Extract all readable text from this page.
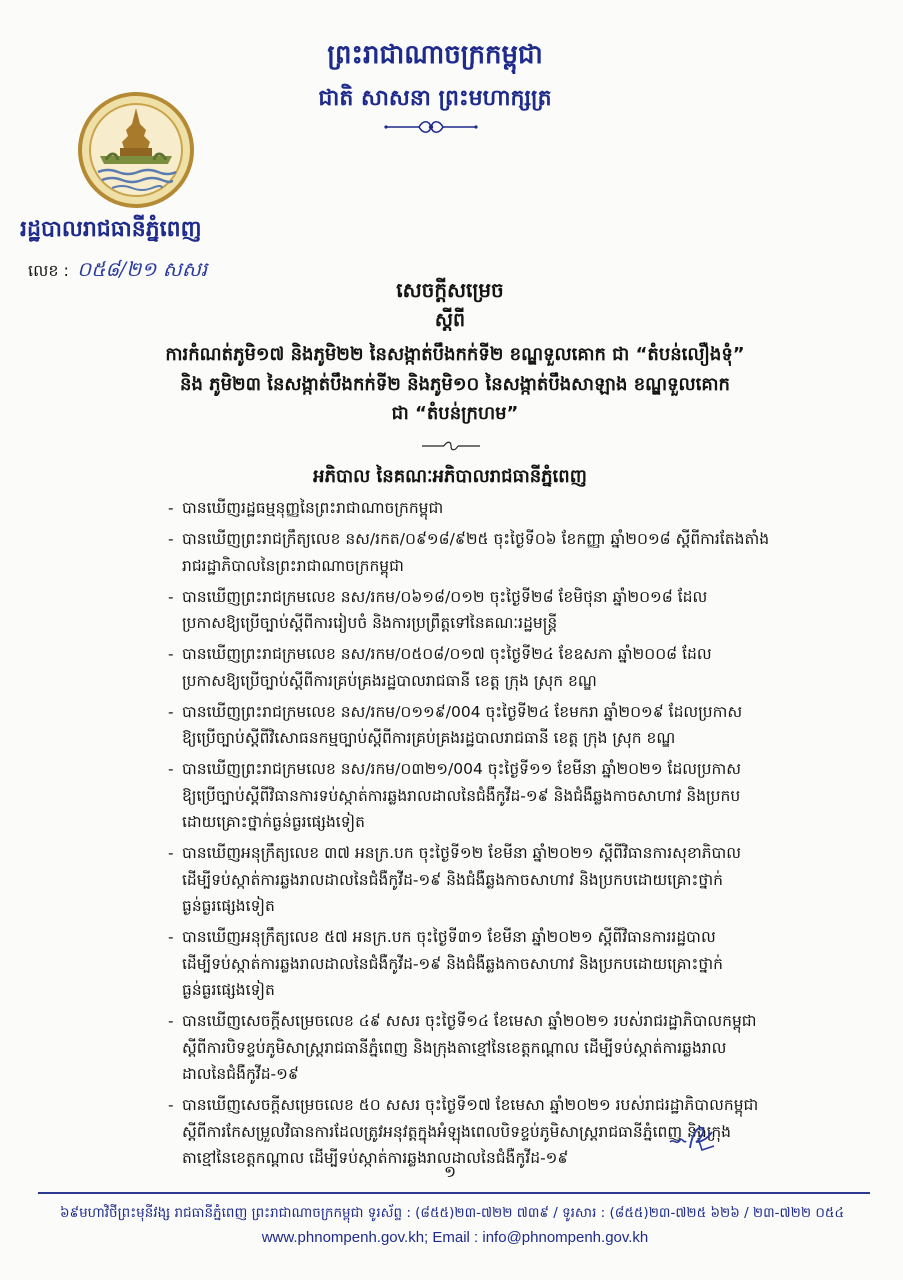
ព្រះរាជាណាចក្រកម្ពុជា
ជាតិ សាសនា ព្រះមហាក្សត្រ
រដ្ឋបាលរាជធានីភ្នំពេញ
លេខ : ០៥៨/២១ សសរ
សេចក្តីសម្រេច
ស្តីពី
ការកំណត់ភូមិ១៧ និងភូមិ២២ នៃសង្កាត់បឹងកក់ទី២ ខណ្ឌទួលគោក ជា “តំបន់លឿងទុំ”
និង ភូមិ២៣ នៃសង្កាត់បឹងកក់ទី២ និងភូមិ១០ នៃសង្កាត់បឹងសាឡាង ខណ្ឌទួលគោក
ជា “តំបន់ក្រហម”
អភិបាល នៃគណៈអភិបាលរាជធានីភ្នំពេញ
- បានឃើញរដ្ឋធម្មនុញ្ញនៃព្រះរាជាណាចក្រកម្ពុជា
- បានឃើញព្រះរាជក្រឹត្យលេខ នស/រកត/០៩១៨/៩២៥ ចុះថ្ងៃទី០៦ ខែកញ្ញា ឆ្នាំ២០១៨ ស្តីពីការតែងតាំង
រាជរដ្ឋាភិបាលនៃព្រះរាជាណាចក្រកម្ពុជា
- បានឃើញព្រះរាជក្រមលេខ នស/រកម/០៦១៨/០១២ ចុះថ្ងៃទី២៨ ខែមិថុនា ឆ្នាំ២០១៨ ដែល
ប្រកាសឱ្យប្រើច្បាប់ស្តីពីការរៀបចំ និងការប្រព្រឹត្តទៅនៃគណៈរដ្ឋមន្ត្រី
- បានឃើញព្រះរាជក្រមលេខ នស/រកម/០៥០៨/០១៧ ចុះថ្ងៃទី២៤ ខែឧសភា ឆ្នាំ២០០៨ ដែល
ប្រកាសឱ្យប្រើច្បាប់ស្តីពីការគ្រប់គ្រងរដ្ឋបាលរាជធានី ខេត្ត ក្រុង ស្រុក ខណ្ឌ
- បានឃើញព្រះរាជក្រមលេខ នស/រកម/០១១៩/004 ចុះថ្ងៃទី២៤ ខែមករា ឆ្នាំ២០១៩ ដែលប្រកាស
ឱ្យប្រើច្បាប់ស្តីពីវិសោធនកម្មច្បាប់ស្តីពីការគ្រប់គ្រងរដ្ឋបាលរាជធានី ខេត្ត ក្រុង ស្រុក ខណ្ឌ
- បានឃើញព្រះរាជក្រមលេខ នស/រកម/០៣២១/004 ចុះថ្ងៃទី១១ ខែមីនា ឆ្នាំ២០២១ ដែលប្រកាស
ឱ្យប្រើច្បាប់ស្តីពីវិធានការទប់ស្កាត់ការឆ្លងរាលដាលនៃជំងឺកូវីដ-១៩ និងជំងឺឆ្លងកាចសាហាវ និងប្រកប
ដោយគ្រោះថ្នាក់ធ្ងន់ធ្ងរផ្សេងទៀត
- បានឃើញអនុក្រឹត្យលេខ ៣៧ អនក្រ.បក ចុះថ្ងៃទី១២ ខែមីនា ឆ្នាំ២០២១ ស្តីពីវិធានការសុខាភិបាល
ដើម្បីទប់ស្កាត់ការឆ្លងរាលដាលនៃជំងឺកូវីដ-១៩ និងជំងឺឆ្លងកាចសាហាវ និងប្រកបដោយគ្រោះថ្នាក់
ធ្ងន់ធ្ងរផ្សេងទៀត
- បានឃើញអនុក្រឹត្យលេខ ៥៧ អនក្រ.បក ចុះថ្ងៃទី៣១ ខែមីនា ឆ្នាំ២០២១ ស្តីពីវិធានការរដ្ឋបាល
ដើម្បីទប់ស្កាត់ការឆ្លងរាលដាលនៃជំងឺកូវីដ-១៩ និងជំងឺឆ្លងកាចសាហាវ និងប្រកបដោយគ្រោះថ្នាក់
ធ្ងន់ធ្ងរផ្សេងទៀត
- បានឃើញសេចក្តីសម្រេចលេខ ៤៩ សសរ ចុះថ្ងៃទី១៤ ខែមេសា ឆ្នាំ២០២១ របស់រាជរដ្ឋាភិបាលកម្ពុជា
ស្តីពីការបិទខ្ទប់ភូមិសាស្ត្ររាជធានីភ្នំពេញ និងក្រុងតាខ្មៅនៃខេត្តកណ្តាល ដើម្បីទប់ស្កាត់ការឆ្លងរាល
ដាលនៃជំងឺកូវីដ-១៩
- បានឃើញសេចក្តីសម្រេចលេខ ៥០ សសរ ចុះថ្ងៃទី១៧ ខែមេសា ឆ្នាំ២០២១ របស់រាជរដ្ឋាភិបាលកម្ពុជា
ស្តីពីការកែសម្រួលវិធានការដែលត្រូវអនុវត្តក្នុងអំឡុងពេលបិទខ្ទប់ភូមិសាស្ត្ររាជធានីភ្នំពេញ និងក្រុង
តាខ្មៅនៃខេត្តកណ្តាល ដើម្បីទប់ស្កាត់ការឆ្លងរាលដាលនៃជំងឺកូវីដ-១៩
១
៦៩មហាវិថីព្រះមុនីវង្ស រាជធានីភ្នំពេញ ព្រះរាជាណាចក្រកម្ពុជា ទូរស័ព្ទ : (៨៥៥)២៣-៧២២ ៧៣៩ / ទូរសារ : (៨៥៥)២៣-៧២៥ ៦២៦ / ២៣-៧២២ ០៥៤
www.phnompenh.gov.kh; Email : info@phnompenh.gov.kh
